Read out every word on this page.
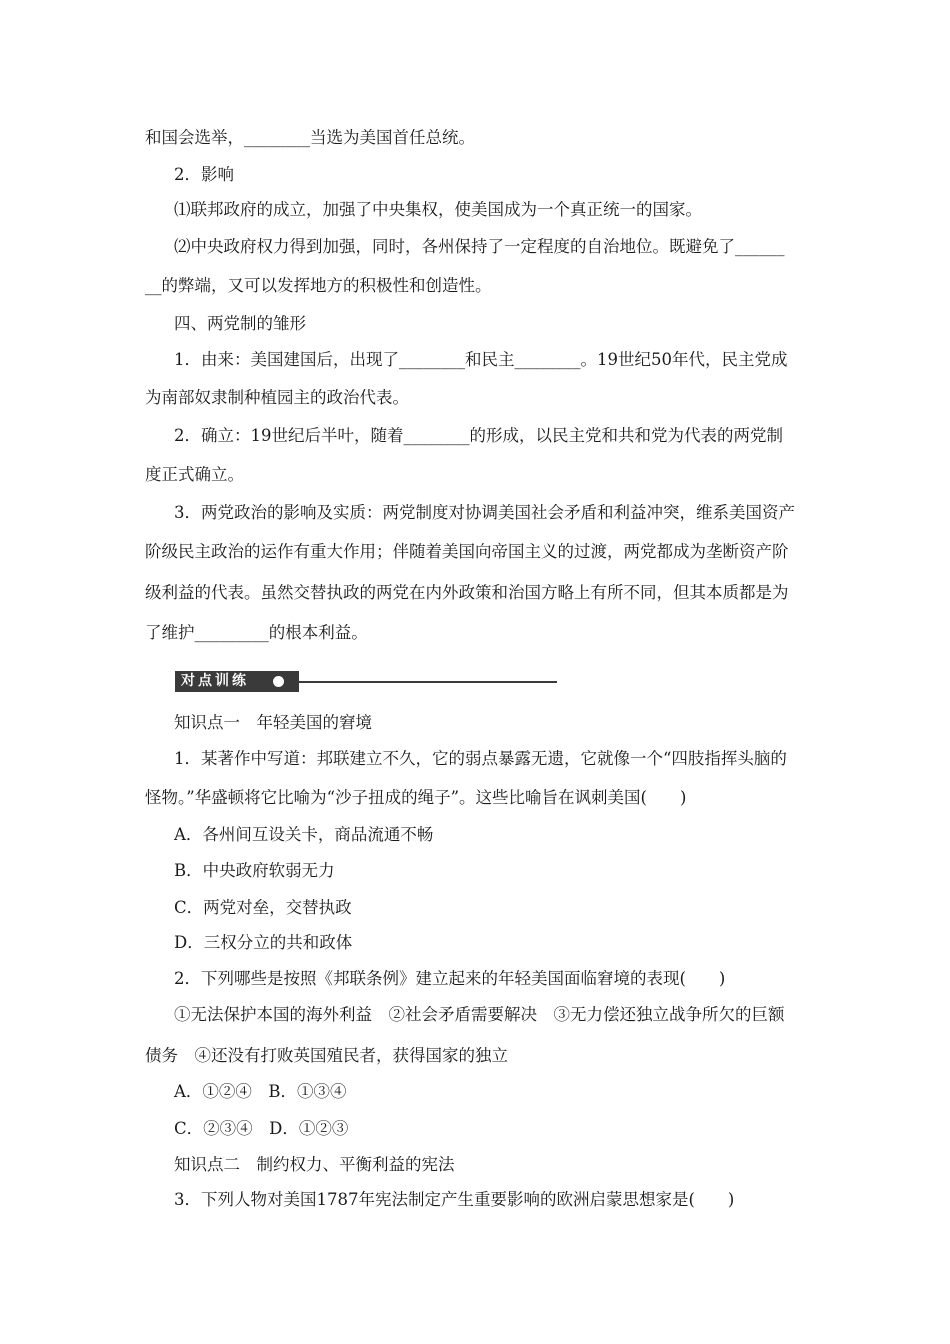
和国会选举，________当选为美国首任总统。
2．影响
⑴联邦政府的成立，加强了中央集权，使美国成为一个真正统一的国家。
⑵中央政府权力得到加强，同时，各州保持了一定程度的自治地位。既避免了______
__的弊端，又可以发挥地方的积极性和创造性。
四、两党制的雏形
1．由来：美国建国后，出现了________和民主________。19世纪50年代，民主党成
为南部奴隶制种植园主的政治代表。
2．确立：19世纪后半叶，随着________的形成，以民主党和共和党为代表的两党制
度正式确立。
3．两党政治的影响及实质：两党制度对协调美国社会矛盾和利益冲突，维系美国资产
阶级民主政治的运作有重大作用；伴随着美国向帝国主义的过渡，两党都成为垄断资产阶
级利益的代表。虽然交替执政的两党在内外政策和治国方略上有所不同，但其本质都是为
了维护_________的根本利益。
知识点一　年轻美国的窘境
1．某著作中写道：邦联建立不久，它的弱点暴露无遗，它就像一个“四肢指挥头脑的
怪物。”华盛顿将它比喻为“沙子扭成的绳子”。这些比喻旨在讽刺美国(　　)
A．各州间互设关卡，商品流通不畅
B．中央政府软弱无力
C．两党对垒，交替执政
D．三权分立的共和政体
2．下列哪些是按照《邦联条例》建立起来的年轻美国面临窘境的表现(　　)
①无法保护本国的海外利益　②社会矛盾需要解决　③无力偿还独立战争所欠的巨额
债务　④还没有打败英国殖民者，获得国家的独立
A．①②④　B．①③④
C．②③④　D．①②③
知识点二　制约权力、平衡利益的宪法
3．下列人物对美国1787年宪法制定产生重要影响的欧洲启蒙思想家是(　　)
对点训练
